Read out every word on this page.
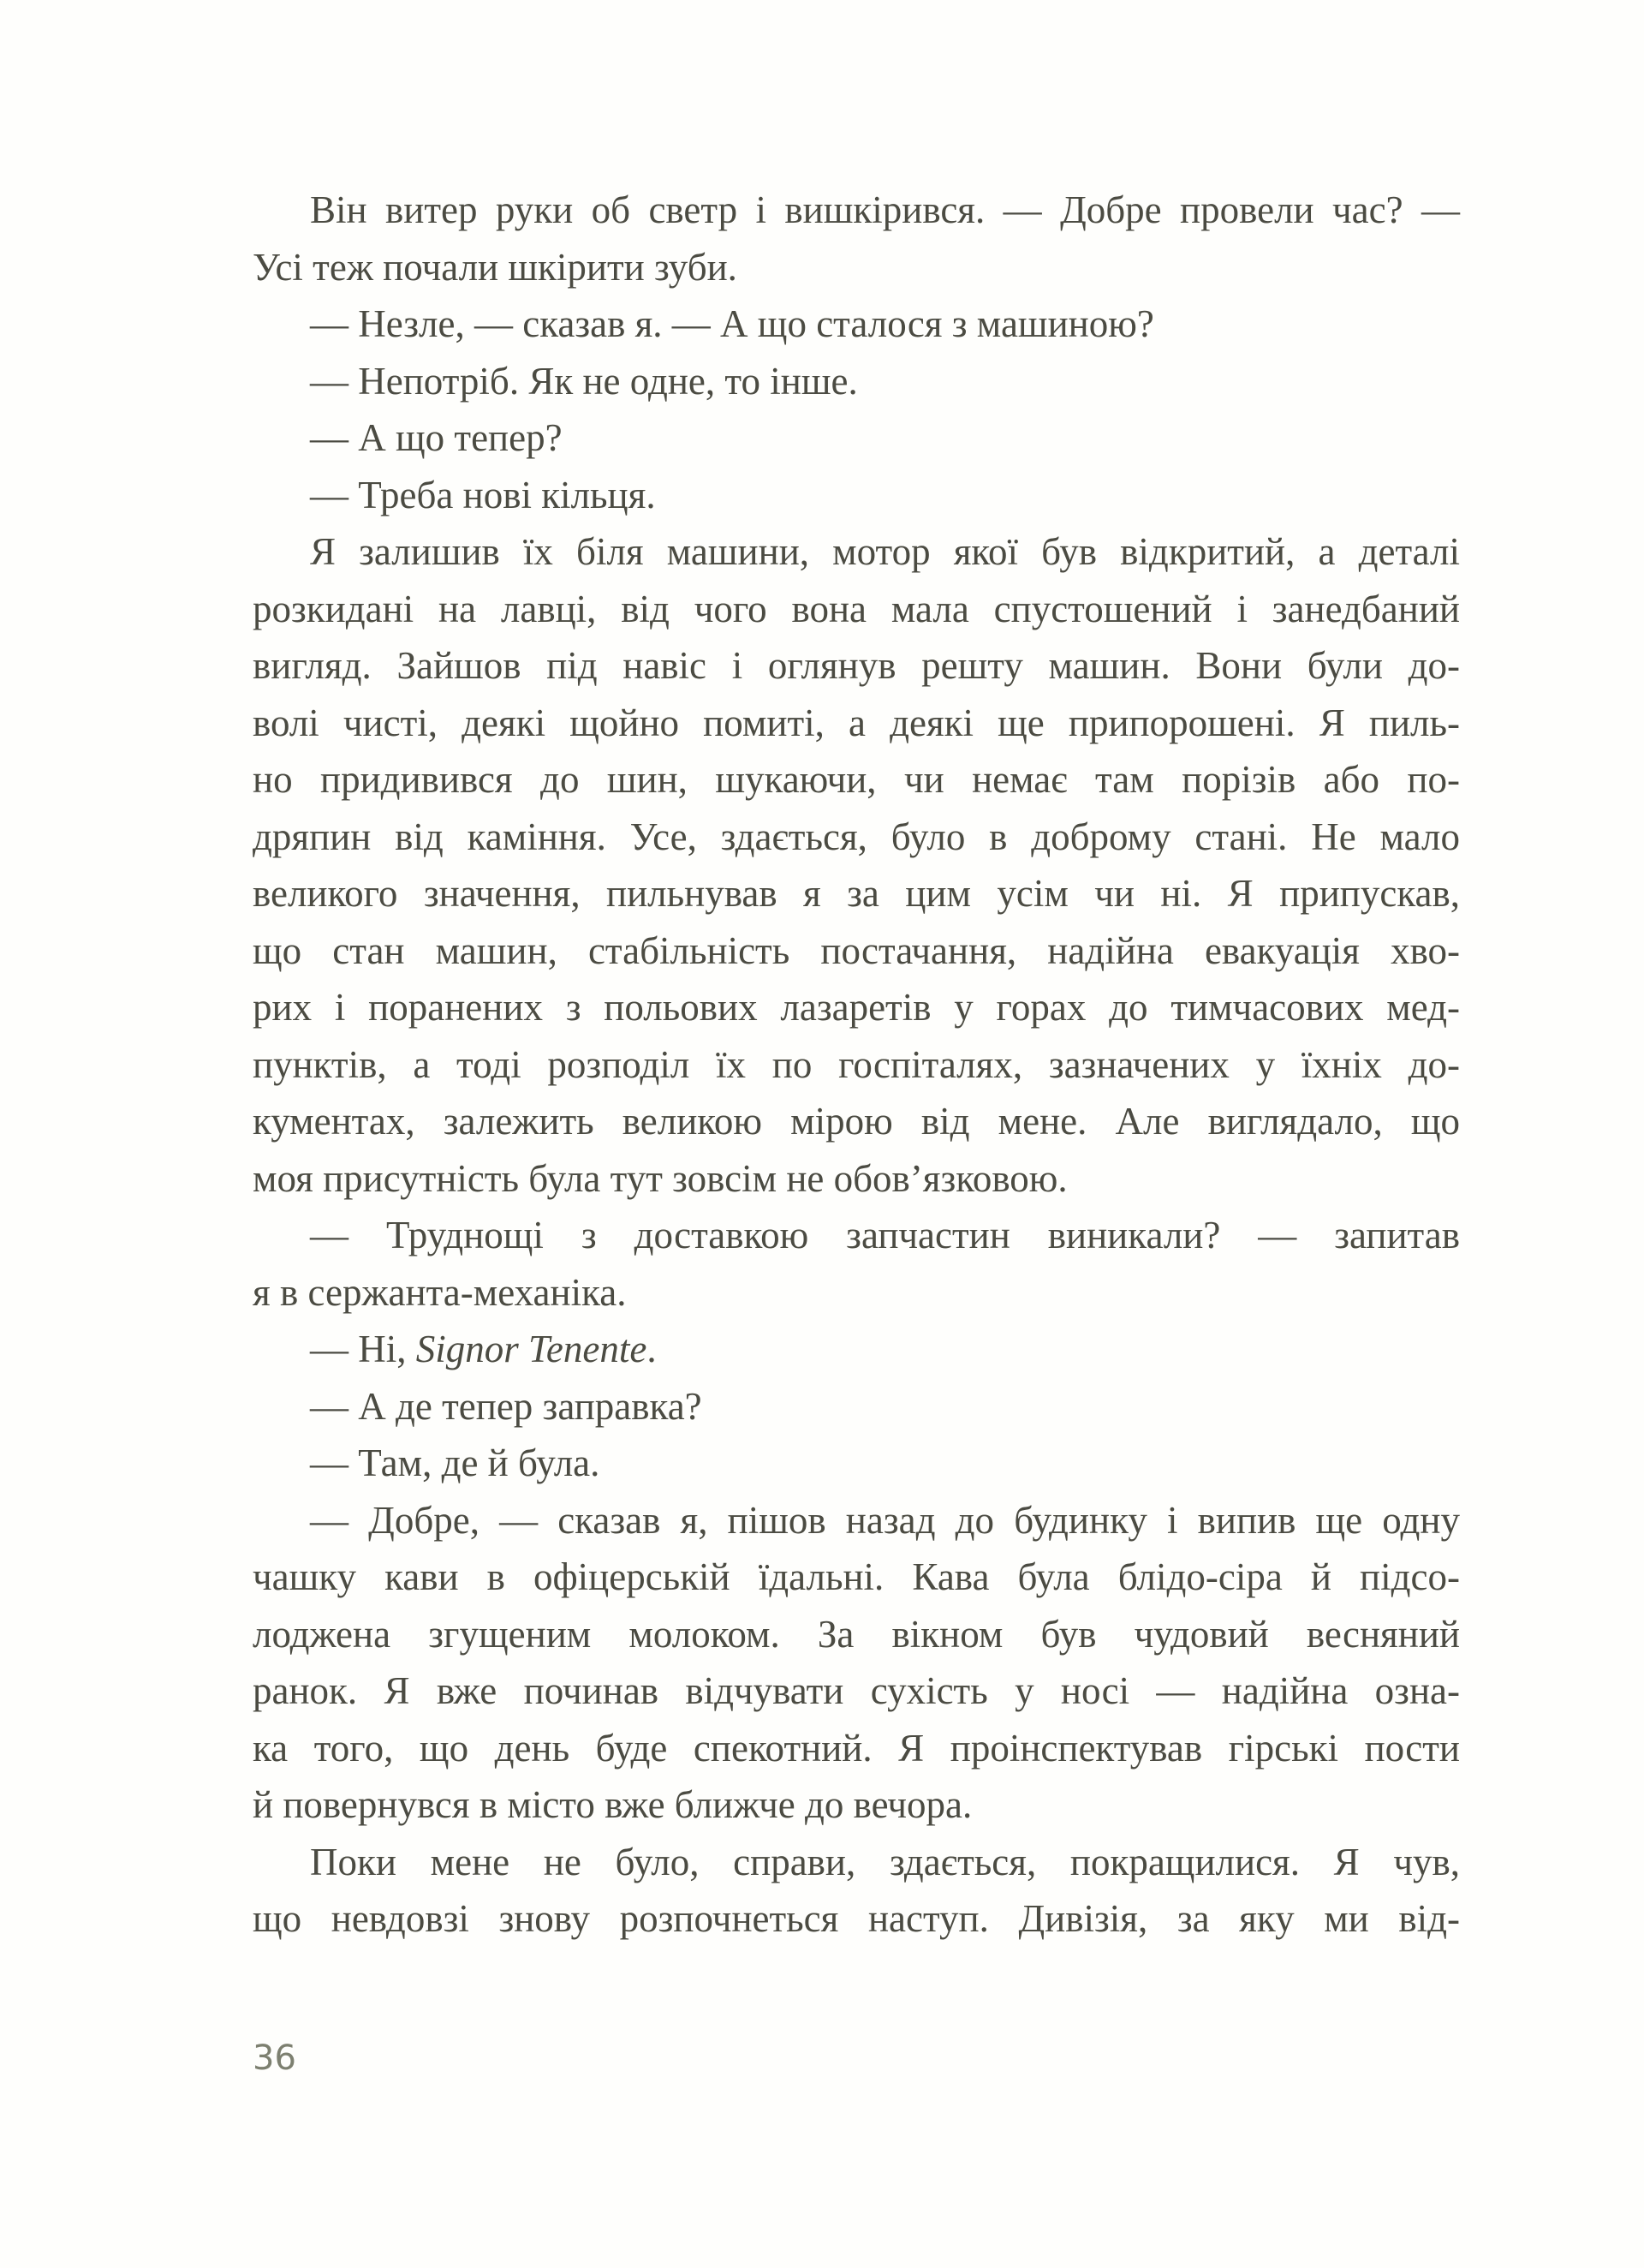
Він витер руки об светр і вишкірився. — Добре провели час? —
Усі теж почали шкірити зуби.
— Незле, — сказав я. — А що сталося з машиною?
— Непотріб. Як не одне, то інше.
— А що тепер?
— Треба нові кільця.
Я залишив їх біля машини, мотор якої був відкритий, а деталі
розкидані на лавці, від чого вона мала спустошений і занедбаний
вигляд. Зайшов під навіс і оглянув решту машин. Вони були до-
волі чисті, деякі щойно помиті, а деякі ще припорошені. Я пиль-
но придивився до шин, шукаючи, чи немає там порізів або по-
дряпин від каміння. Усе, здається, було в доброму стані. Не мало
великого значення, пильнував я за цим усім чи ні. Я припускав,
що стан машин, стабільність постачання, надійна евакуація хво-
рих і поранених з польових лазаретів у горах до тимчасових мед-
пунктів, а тоді розподіл їх по госпіталях, зазначених у їхніх до-
кументах, залежить великою мірою від мене. Але виглядало, що
моя присутність була тут зовсім не обов’язковою.
— Труднощі з доставкою запчастин виникали? — запитав
я в сержанта-механіка.
— Ні, Signor Tenente.
— А де тепер заправка?
— Там, де й була.
— Добре, — сказав я, пішов назад до будинку і випив ще одну
чашку кави в офіцерській їдальні. Кава була блідо-сіра й підсо-
лоджена згущеним молоком. За вікном був чудовий весняний
ранок. Я вже починав відчувати сухість у носі — надійна озна-
ка того, що день буде спекотний. Я проінспектував гірські пости
й повернувся в місто вже ближче до вечора.
Поки мене не було, справи, здається, покращилися. Я чув,
що невдовзі знову розпочнеться наступ. Дивізія, за яку ми від-
36
